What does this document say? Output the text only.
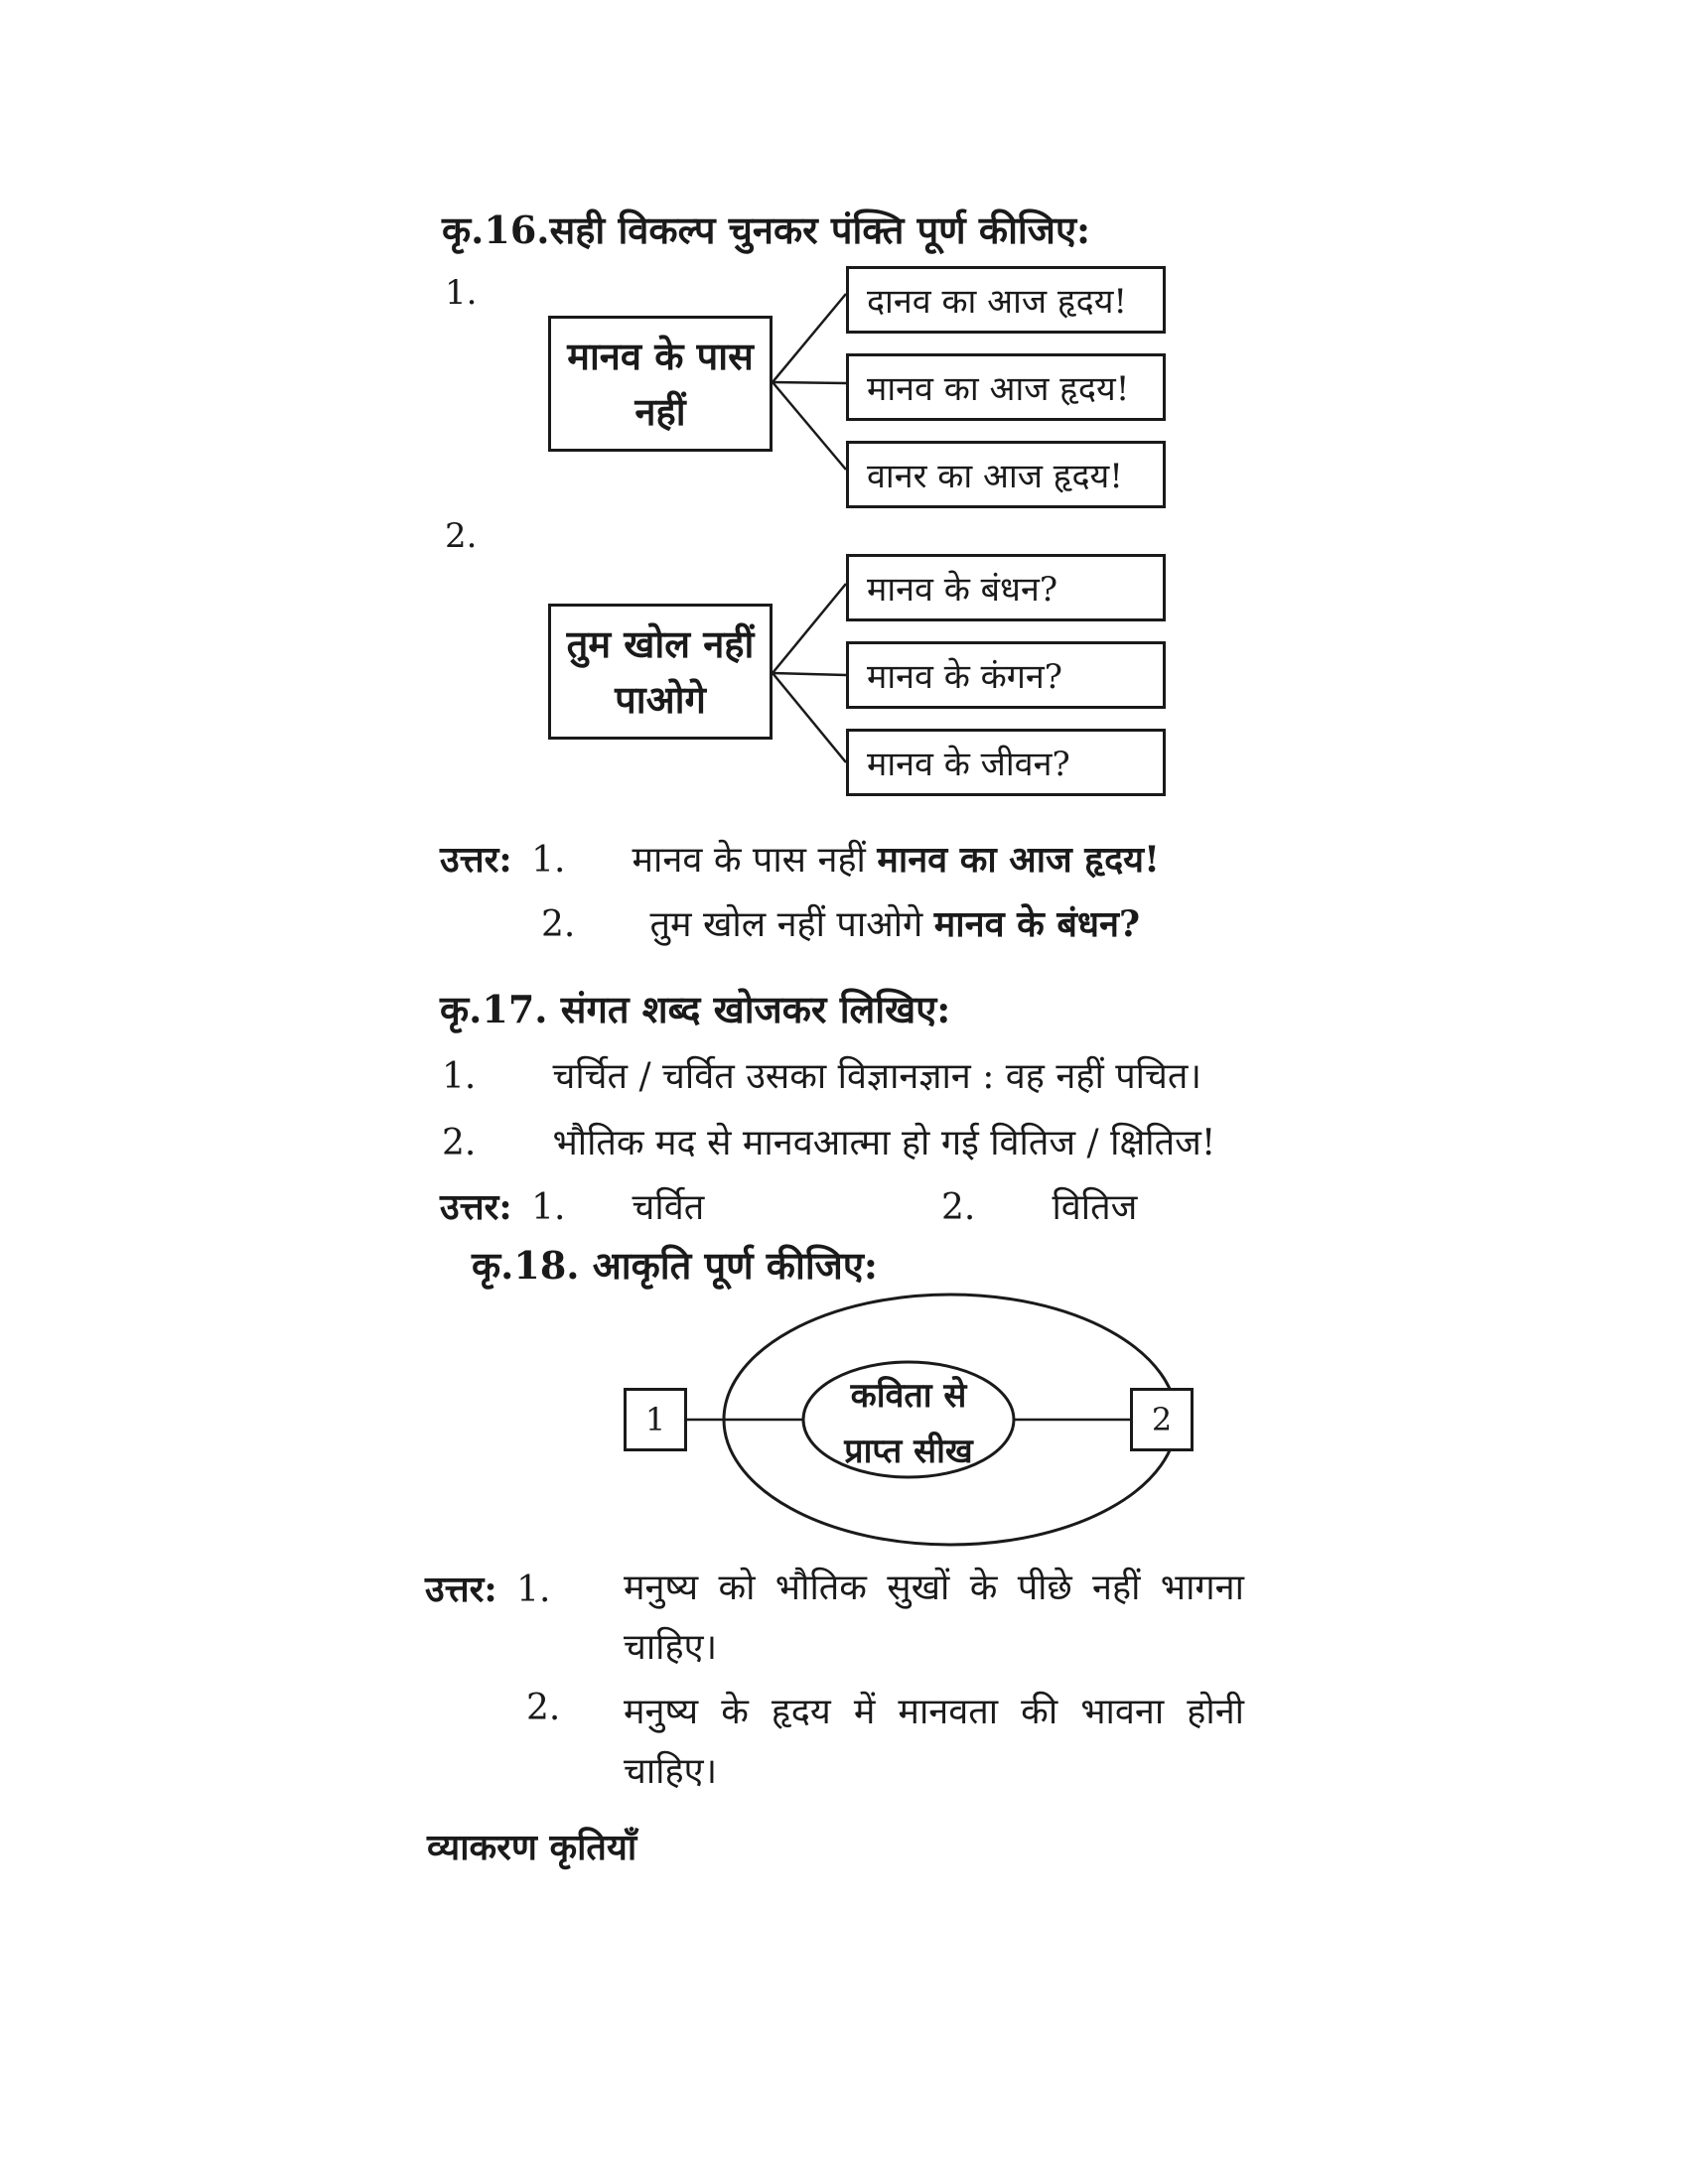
कृ.16.सही विकल्प चुनकर पंक्ति पूर्ण कीजिए:
1.
मानव के पास
नहीं
दानव का आज हृदय!
मानव का आज हृदय!
वानर का आज हृदय!
2.
तुम खोल नहीं
पाओगे
मानव के बंधन?
मानव के कंगन?
मानव के जीवन?
उत्तर: 1. मानव के पास नहीं मानव का आज हृदय!
2. तुम खोल नहीं पाओगे मानव के बंधन?
कृ.17. संगत शब्द खोजकर लिखिए:
1. चर्चित / चर्वित उसका विज्ञानज्ञान : वह नहीं पचित।
2. भौतिक मद से मानवआत्मा हो गई वितिज / क्षितिज!
उत्तर: 1. चर्वित	2. वितिज
कृ.18. आकृति पूर्ण कीजिए:
1	2
कविता से
प्राप्त सीख
उत्तर: 1. मनुष्य को भौतिक सुखों के पीछे नहीं भागना चाहिए।
2. मनुष्य के हृदय में मानवता की भावना होनी चाहिए।
व्याकरण कृतियाँ
